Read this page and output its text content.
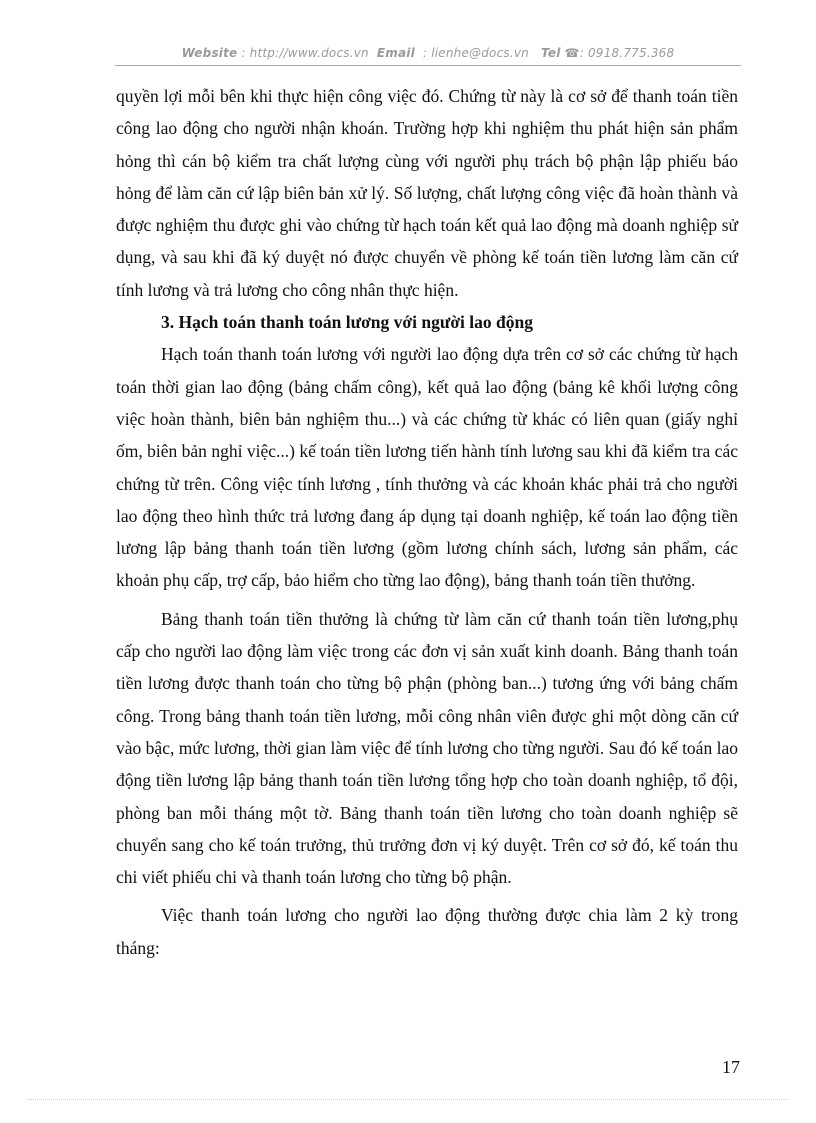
Website : http://www.docs.vn Email : lienhe@docs.vn Tel ☎: 0918.775.368

quyền lợi mỗi bên khi thực hiện công việc đó. Chứng từ này là cơ sở để thanh toán tiền công lao động cho người nhận khoán. Trường hợp khi nghiệm thu phát hiện sản phẩm hỏng thì cán bộ kiểm tra chất lượng cùng với người phụ trách bộ phận lập phiếu báo hỏng để làm căn cứ lập biên bản xử lý. Số lượng, chất lượng công việc đã hoàn thành và được nghiệm thu được ghi vào chứng từ hạch toán kết quả lao động mà doanh nghiệp sử dụng, và sau khi đã ký duyệt nó được chuyển về phòng kế toán tiền lương làm căn cứ tính lương và trả lương cho công nhân thực hiện.

3. Hạch toán thanh toán lương với người lao động

Hạch toán thanh toán lương với người lao động dựa trên cơ sở các chứng từ hạch toán thời gian lao động (bảng chấm công), kết quả lao động (bảng kê khối lượng công việc hoàn thành, biên bản nghiệm thu...) và các chứng từ khác có liên quan (giấy nghỉ ốm, biên bản nghỉ việc...) kế toán tiền lương tiến hành tính lương sau khi đã kiểm tra các chứng từ trên. Công việc tính lương , tính thưởng và các khoản khác phải trả cho người lao động theo hình thức trả lương đang áp dụng tại doanh nghiệp, kế toán lao động tiền lương lập bảng thanh toán tiền lương (gồm lương chính sách, lương sản phẩm, các khoản phụ cấp, trợ cấp, bảo hiểm cho từng lao động), bảng thanh toán tiền thưởng.

Bảng thanh toán tiền thưởng là chứng từ làm căn cứ thanh toán tiền lương,phụ cấp cho người lao động làm việc trong các đơn vị sản xuất kinh doanh. Bảng thanh toán tiền lương được thanh toán cho từng bộ phận (phòng ban...) tương ứng với bảng chấm công. Trong bảng thanh toán tiền lương, mỗi công nhân viên được ghi một dòng căn cứ vào bậc, mức lương, thời gian làm việc để tính lương cho từng người. Sau đó kế toán lao động tiền lương lập bảng thanh toán tiền lương tổng hợp cho toàn doanh nghiệp, tổ đội, phòng ban mỗi tháng một tờ. Bảng thanh toán tiền lương cho toàn doanh nghiệp sẽ chuyển sang cho kế toán trưởng, thủ trưởng đơn vị ký duyệt. Trên cơ sở đó, kế toán thu chi viết phiếu chi và thanh toán lương cho từng bộ phận.

Việc thanh toán lương cho người lao động thường được chia làm 2 kỳ trong tháng:

17
